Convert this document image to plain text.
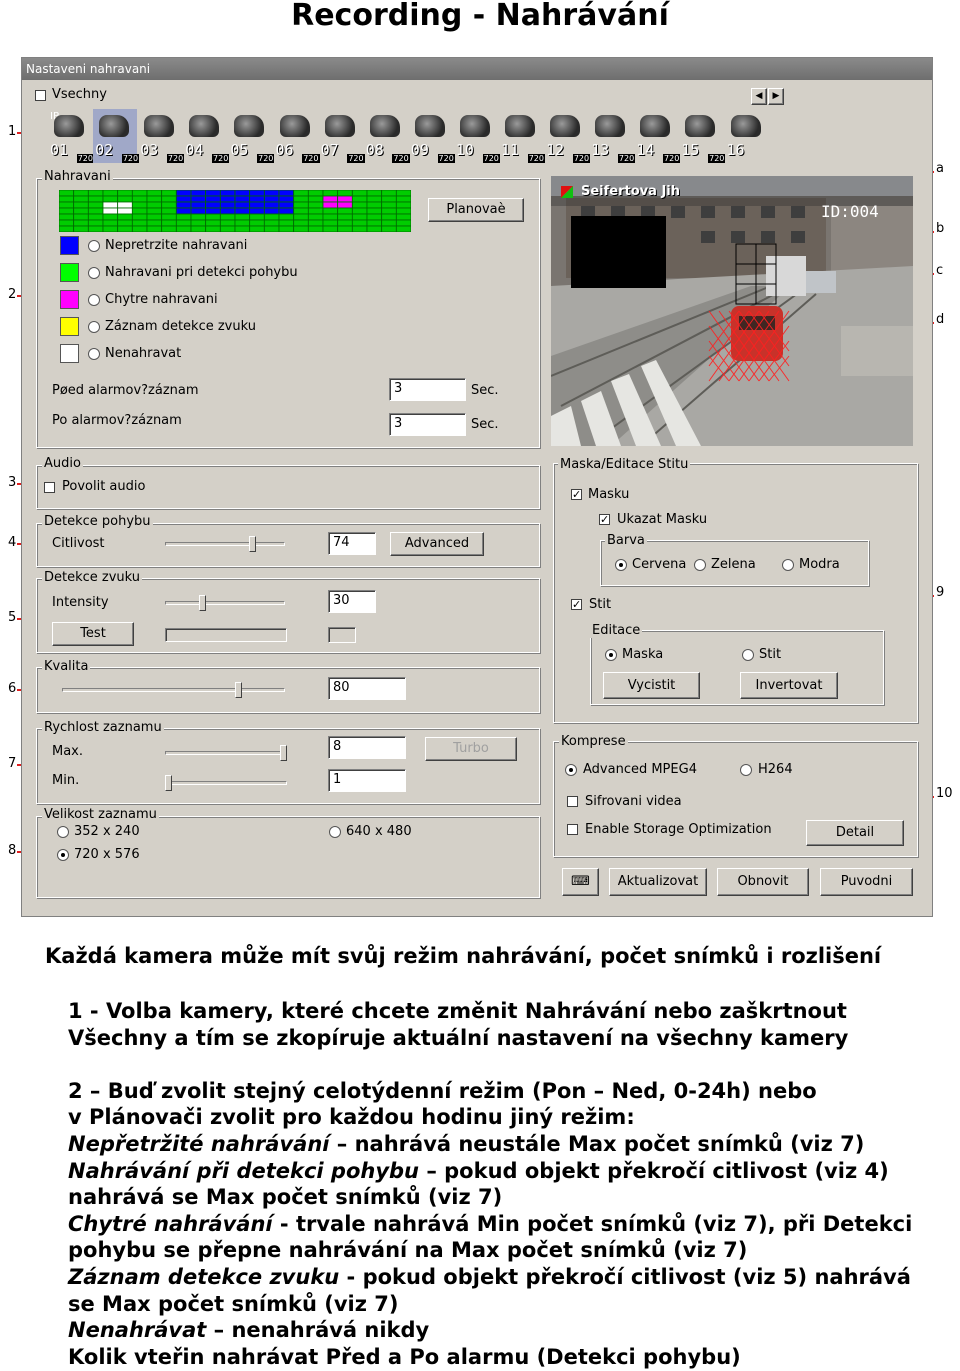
Recording - Nahrávání
1
2
3
4
5
6
7
8
a
b
c
d
9
10
Nastaveni nahravani
Vsechny	◀	▶
01 720
IP
02 720 03 720 04 720 05 720 06 720 07 720 08 720 09 720 10 720 11 720 12 720 13 720 14 720 15 720 16
Nahravani
Planovaè
Pøed alarmov?záznam	3	Sec.
Po alarmov?záznam	3	Sec.
Audio
Povolit audio
Detekce pohybu
Citlivost	74	Advanced
Detekce zvuku
Intensity	30
Test
Kvalita
80
Rychlost zaznamu
Max.	8	Turbo
Min.	1
Velikost zaznamu
352 x 240
720 x 576
640 x 480
Seifertova Jih
ID:004
Maska/Editace Stitu
✓ Masku
✓ Ukazat Masku
Barva
Cervena Zelena	Modra
✓ Stit
Editace
Maska	Stit
Vycistit	Invertovat
Komprese
Advanced MPEG4	H264
Sifrovani videa
Enable Storage Optimization	Detail
⌨	Aktualizovat	Obnovit	Puvodni
Nepretrzite nahravani
Nahravani pri detekci pohybu
Chytre nahravani
Záznam detekce zvuku
Nenahravat
Každá kamera může mít svůj režim nahrávání, počet snímků i rozlišení
1 - Volba kamery, které chcete změnit Nahrávání nebo zaškrtnout
Všechny a tím se zkopíruje aktuální nastavení na všechny kamery
2 – Buď zvolit stejný celotýdenní režim (Pon – Ned, 0-24h) nebo
v Plánovači zvolit pro každou hodinu jiný režim:
Nepřetržité nahrávání – nahrává neustále Max počet snímků (viz 7)
Nahrávání při detekci pohybu – pokud objekt překročí citlivost (viz 4)
nahrává se Max počet snímků (viz 7)
Chytré nahrávání - trvale nahrává Min počet snímků (viz 7), při Detekci
pohybu se přepne nahrávání na Max počet snímků (viz 7)
Záznam detekce zvuku - pokud objekt překročí citlivost (viz 5) nahrává
se Max počet snímků (viz 7)
Nenahrávat – nenahrává nikdy
Kolik vteřin nahrávat Před a Po alarmu (Detekci pohybu)
